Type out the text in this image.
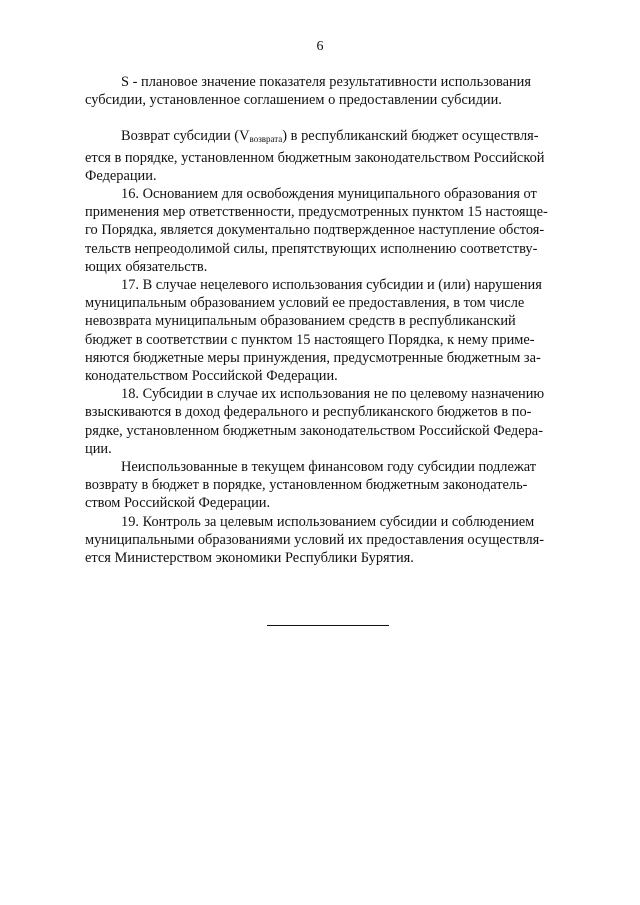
6

S - плановое значение показателя результативности использования
субсидии, установленное соглашением о предоставлении субсидии.

Возврат субсидии $(V_{возврата})$ в республиканский бюджет осуществля-
ется в порядке, установленном бюджетным законодательством Российской
Федерации.

16. Основанием для освобождения муниципального образования от
применения мер ответственности, предусмотренных пунктом 15 настояще-
го Порядка, является документально подтвержденное наступление обстоя-
тельств непреодолимой силы, препятствующих исполнению соответству-
ющих обязательств.

17. В случае нецелевого использования субсидии и (или) нарушения
муниципальным образованием условий ее предоставления, в том числе
невозврата муниципальным образованием средств в республиканский
бюджет в соответствии с пунктом 15 настоящего Порядка, к нему приме-
няются бюджетные меры принуждения, предусмотренные бюджетным за-
конодательством Российской Федерации.

18. Субсидии в случае их использования не по целевому назначению
взыскиваются в доход федерального и республиканского бюджетов в по-
рядке, установленном бюджетным законодательством Российской Федера-
ции.

Неиспользованные в текущем финансовом году субсидии подлежат
возврату в бюджет в порядке, установленном бюджетным законодатель-
ством Российской Федерации.

19. Контроль за целевым использованием субсидии и соблюдением
муниципальными образованиями условий их предоставления осуществля-
ется Министерством экономики Республики Бурятия.
